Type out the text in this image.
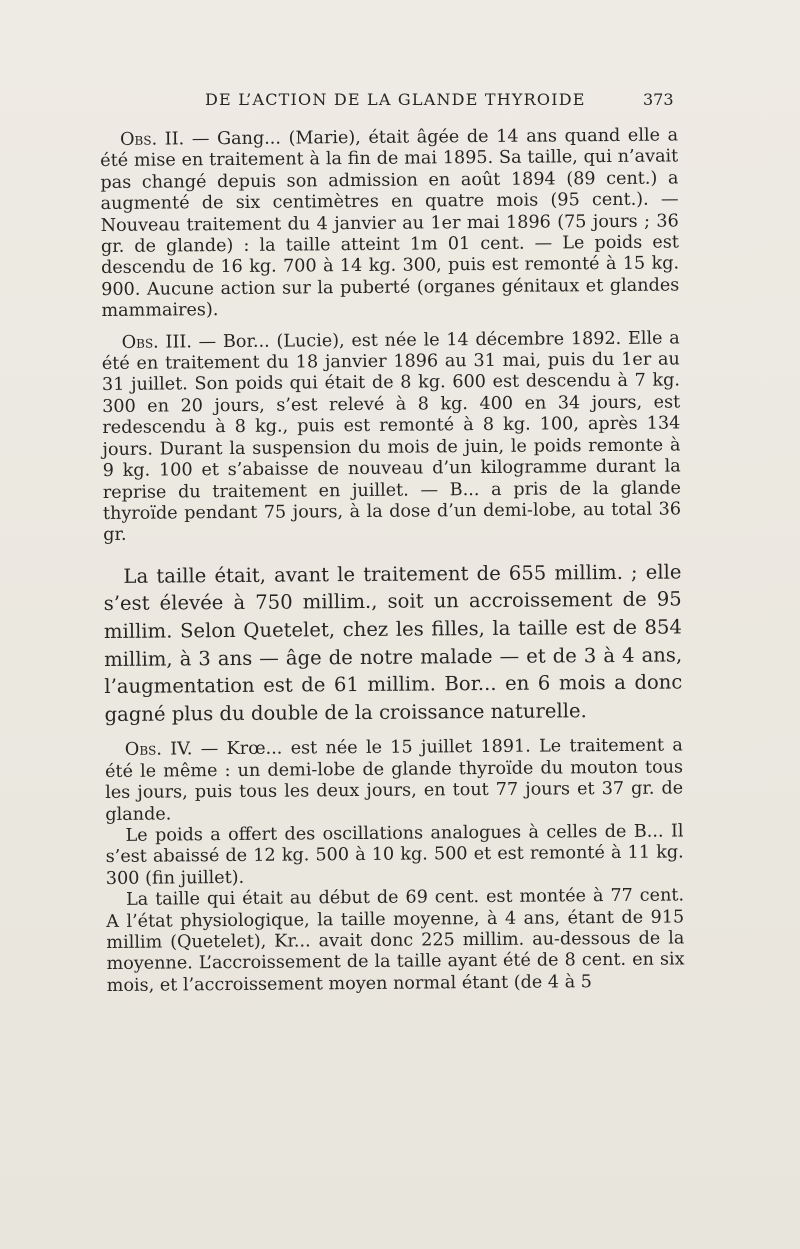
DE L’ACTION DE LA GLANDE THYROIDE	373

Obs. II. — Gang... (Marie), était âgée de 14 ans quand elle a été mise en traitement à la fin de mai 1895. Sa taille, qui n’avait pas changé depuis son admission en août 1894 (89 cent.) a augmenté de six centimètres en quatre mois (95 cent.). — Nouveau traitement du 4 janvier au 1er mai 1896 (75 jours ; 36 gr. de glande) : la taille atteint 1m 01 cent. — Le poids est descendu de 16 kg. 700 à 14 kg. 300, puis est remonté à 15 kg. 900. Aucune action sur la puberté (organes génitaux et glandes mammaires).

Obs. III. — Bor... (Lucie), est née le 14 décembre 1892. Elle a été en traitement du 18 janvier 1896 au 31 mai, puis du 1er au 31 juillet. Son poids qui était de 8 kg. 600 est descendu à 7 kg. 300 en 20 jours, s’est relevé à 8 kg. 400 en 34 jours, est redescendu à 8 kg., puis est remonté à 8 kg. 100, après 134 jours. Durant la suspension du mois de juin, le poids remonte à 9 kg. 100 et s’abaisse de nouveau d’un kilogramme durant la reprise du traitement en juillet. — B... a pris de la glande thyroïde pendant 75 jours, à la dose d’un demi-lobe, au total 36 gr.

La taille était, avant le traitement de 655 millim. ; elle s’est élevée à 750 millim., soit un accroissement de 95 millim. Selon Quetelet, chez les filles, la taille est de 854 millim, à 3 ans — âge de notre malade — et de 3 à 4 ans, l’augmentation est de 61 millim. Bor... en 6 mois a donc gagné plus du double de la croissance naturelle.

Obs. IV. — Krœ... est née le 15 juillet 1891. Le traitement a été le même : un demi-lobe de glande thyroïde du mouton tous les jours, puis tous les deux jours, en tout 77 jours et 37 gr. de glande.

Le poids a offert des oscillations analogues à celles de B... Il s’est abaissé de 12 kg. 500 à 10 kg. 500 et est remonté à 11 kg. 300 (fin juillet).

La taille qui était au début de 69 cent. est montée à 77 cent. A l’état physiologique, la taille moyenne, à 4 ans, étant de 915 millim (Quetelet), Kr... avait donc 225 millim. au-dessous de la moyenne. L’accroissement de la taille ayant été de 8 cent. en six mois, et l’accroissement moyen normal étant (de 4 à 5
